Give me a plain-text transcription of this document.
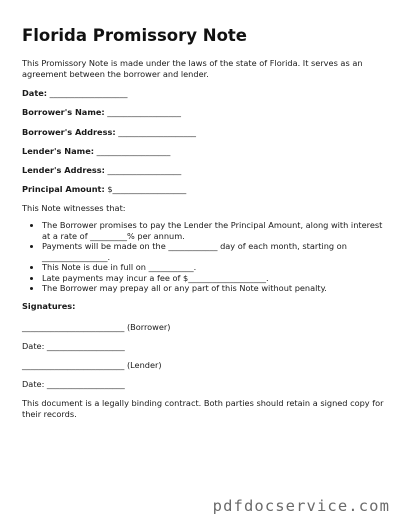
Florida Promissory Note

This Promissory Note is made under the laws of the state of Florida. It serves as an agreement between the borrower and lender.

Date: ___________________

Borrower's Name: __________________

Borrower's Address: ___________________

Lender's Name: __________________

Lender's Address: __________________

Principal Amount: $__________________

This Note witnesses that:

• The Borrower promises to pay the Lender the Principal Amount, along with interest at a rate of _________% per annum.
• Payments will be made on the ____________ day of each month, starting on ________________.
• This Note is due in full on ___________.
• Late payments may incur a fee of $___________________.
• The Borrower may prepay all or any part of this Note without penalty.

Signatures:

_________________________ (Borrower)

Date: ___________________

_________________________ (Lender)

Date: ___________________

This document is a legally binding contract. Both parties should retain a signed copy for their records.

pdfdocservice.com
